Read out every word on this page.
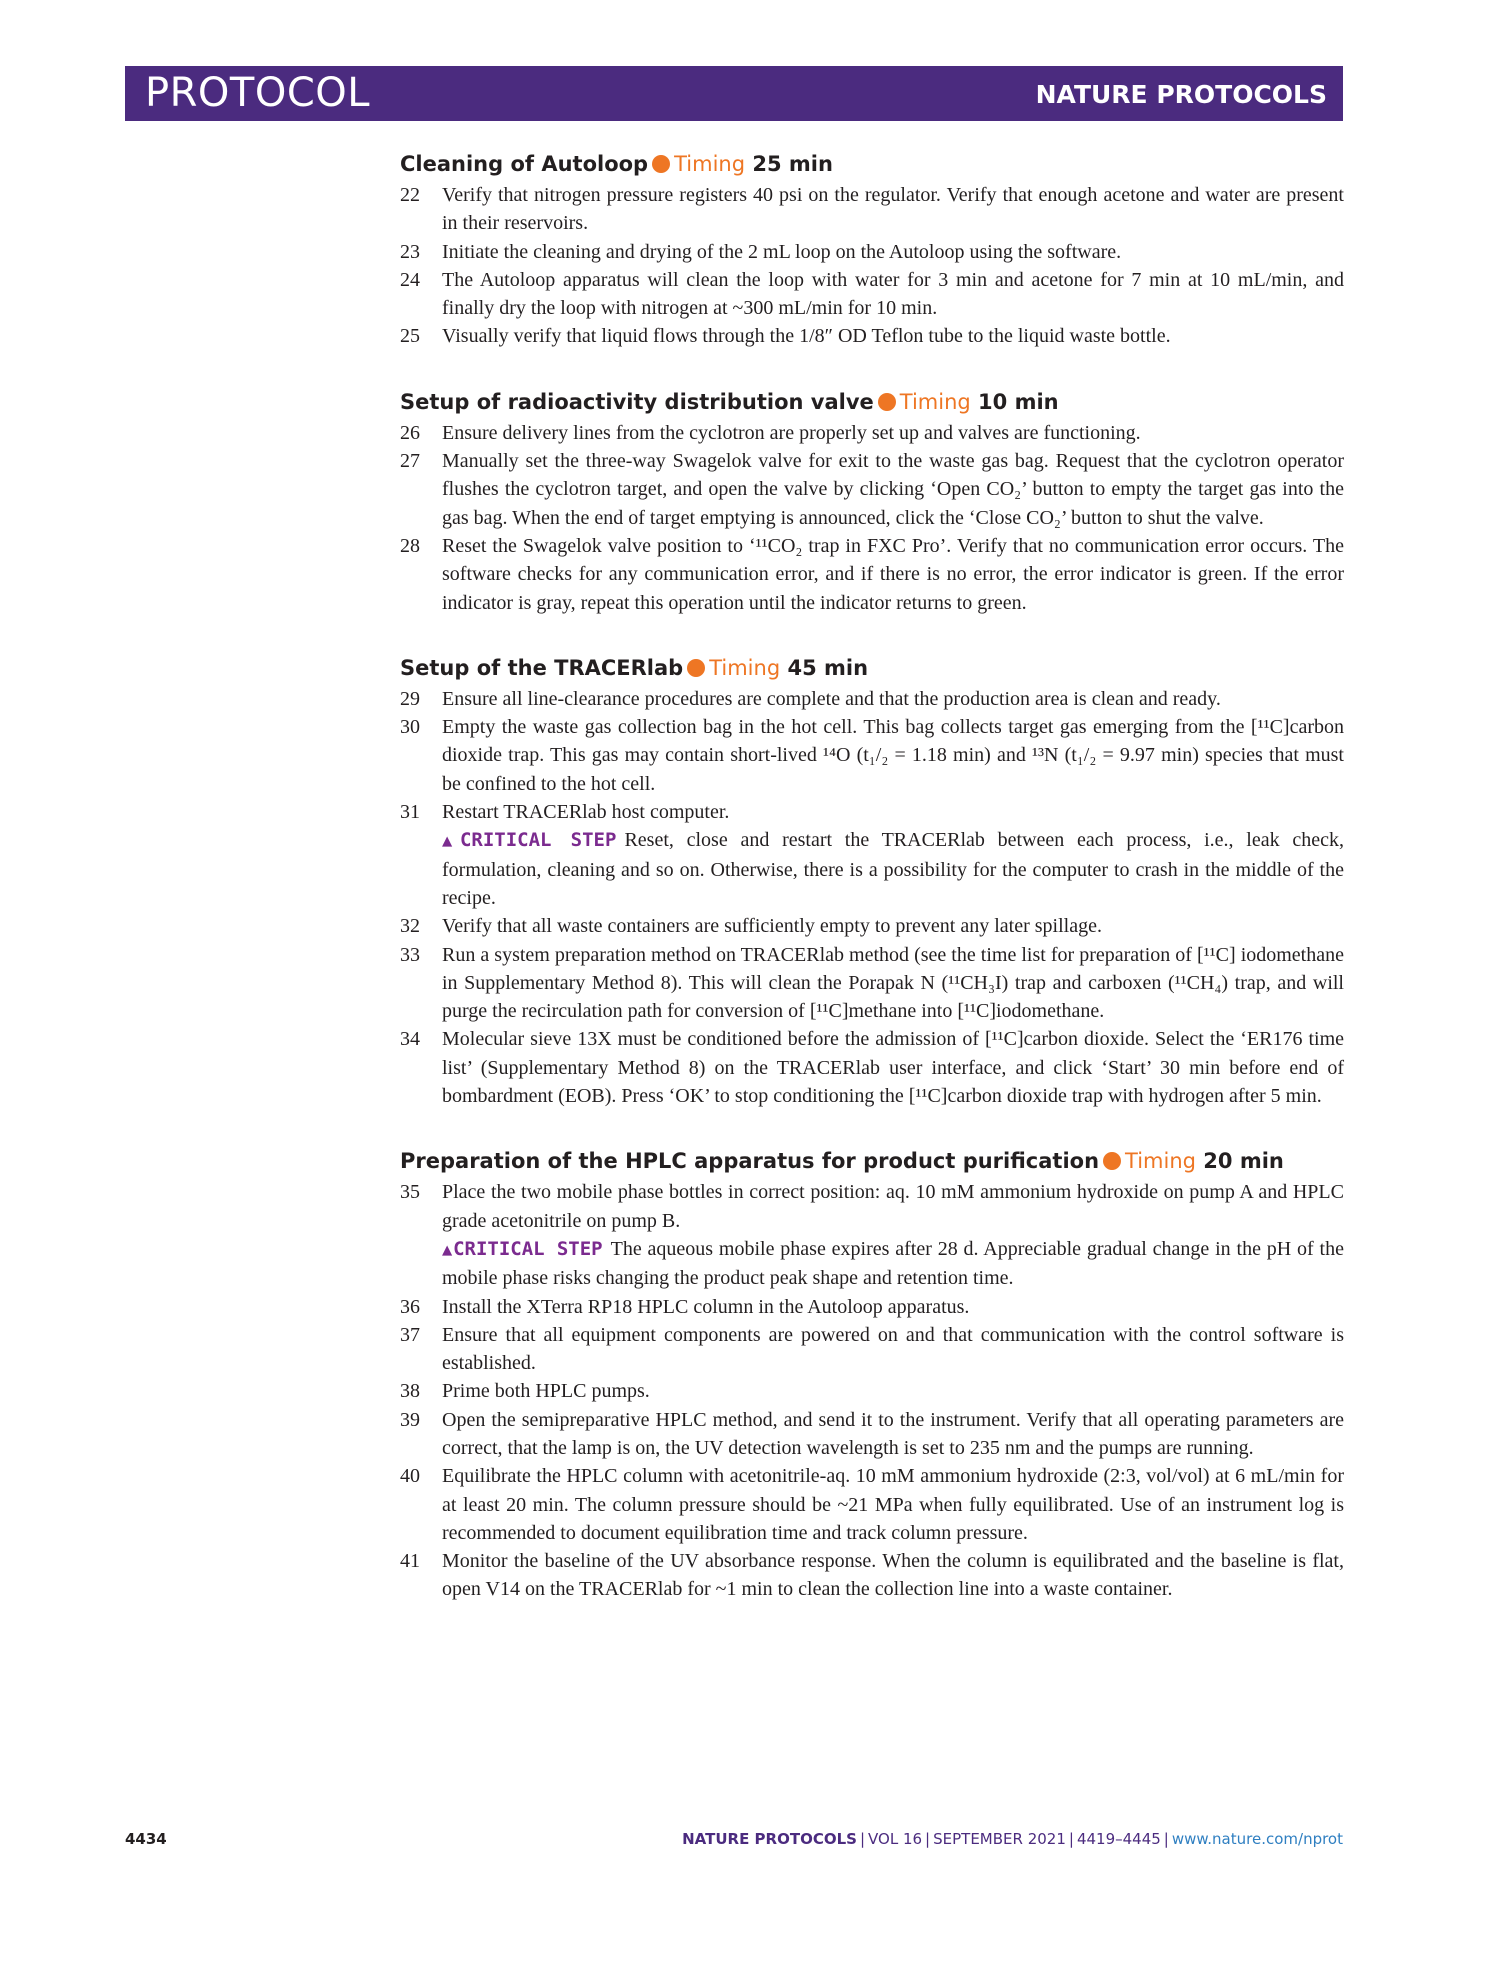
PROTOCOL	NATURE PROTOCOLS
Cleaning of Autoloop Timing 25 min
22 Verify that nitrogen pressure registers 40 psi on the regulator. Verify that enough acetone and water are present in their reservoirs.
23 Initiate the cleaning and drying of the 2 mL loop on the Autoloop using the software.
24 The Autoloop apparatus will clean the loop with water for 3 min and acetone for 7 min at 10 mL/min, and finally dry the loop with nitrogen at ~300 mL/min for 10 min.
25 Visually verify that liquid flows through the 1/8″ OD Teflon tube to the liquid waste bottle.
Setup of radioactivity distribution valve Timing 10 min
26 Ensure delivery lines from the cyclotron are properly set up and valves are functioning.
27 Manually set the three-way Swagelok valve for exit to the waste gas bag. Request that the cyclotron operator flushes the cyclotron target, and open the valve by clicking ‘Open CO₂’ button to empty the target gas into the gas bag. When the end of target emptying is announced, click the ‘Close CO₂’ button to shut the valve.
28 Reset the Swagelok valve position to ‘¹¹CO₂ trap in FXC Pro’. Verify that no communication error occurs. The software checks for any communication error, and if there is no error, the error indicator is green. If the error indicator is gray, repeat this operation until the indicator returns to green.
Setup of the TRACERlab Timing 45 min
29 Ensure all line-clearance procedures are complete and that the production area is clean and ready.
30 Empty the waste gas collection bag in the hot cell. This bag collects target gas emerging from the [¹¹C]carbon dioxide trap. This gas may contain short-lived ¹⁴O (t₁/₂ = 1.18 min) and ¹³N (t₁/₂ = 9.97 min) species that must be confined to the hot cell.
31 Restart TRACERlab host computer.
▲CRITICAL STEP Reset, close and restart the TRACERlab between each process, i.e., leak check, formulation, cleaning and so on. Otherwise, there is a possibility for the computer to crash in the middle of the recipe.
32 Verify that all waste containers are sufficiently empty to prevent any later spillage.
33 Run a system preparation method on TRACERlab method (see the time list for preparation of [¹¹C] iodomethane in Supplementary Method 8). This will clean the Porapak N (¹¹CH₃I) trap and carboxen (¹¹CH₄) trap, and will purge the recirculation path for conversion of [¹¹C]methane into [¹¹C]iodomethane.
34 Molecular sieve 13X must be conditioned before the admission of [¹¹C]carbon dioxide. Select the ‘ER176 time list’ (Supplementary Method 8) on the TRACERlab user interface, and click ‘Start’ 30 min before end of bombardment (EOB). Press ‘OK’ to stop conditioning the [¹¹C]carbon dioxide trap with hydrogen after 5 min.
Preparation of the HPLC apparatus for product purification Timing 20 min
35 Place the two mobile phase bottles in correct position: aq. 10 mM ammonium hydroxide on pump A and HPLC grade acetonitrile on pump B.
▲CRITICAL STEP The aqueous mobile phase expires after 28 d. Appreciable gradual change in the pH of the mobile phase risks changing the product peak shape and retention time.
36 Install the XTerra RP18 HPLC column in the Autoloop apparatus.
37 Ensure that all equipment components are powered on and that communication with the control software is established.
38 Prime both HPLC pumps.
39 Open the semipreparative HPLC method, and send it to the instrument. Verify that all operating parameters are correct, that the lamp is on, the UV detection wavelength is set to 235 nm and the pumps are running.
40 Equilibrate the HPLC column with acetonitrile-aq. 10 mM ammonium hydroxide (2:3, vol/vol) at 6 mL/min for at least 20 min. The column pressure should be ~21 MPa when fully equilibrated. Use of an instrument log is recommended to document equilibration time and track column pressure.
41 Monitor the baseline of the UV absorbance response. When the column is equilibrated and the baseline is flat, open V14 on the TRACERlab for ~1 min to clean the collection line into a waste container.
4434	NATURE PROTOCOLS | VOL 16 | SEPTEMBER 2021 | 4419–4445 | www.nature.com/nprot
